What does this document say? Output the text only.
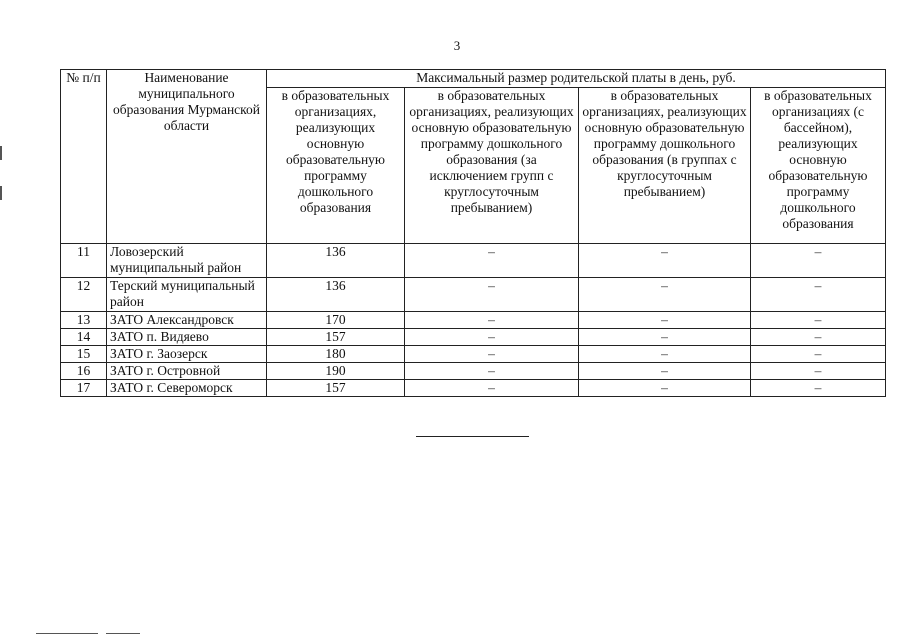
3
№ п/п	Наименование муниципального образования Мурманской области	Максимальный размер родительской платы в день, руб.			
		в образовательных организациях, реализующих основную образовательную программу дошкольного образования	в образовательных организациях, реализующих основную образовательную программу дошкольного образования (за исключением групп с круглосуточным пребыванием)	в образовательных организациях, реализующих основную образовательную программу дошкольного образования (в группах с круглосуточным пребыванием)	в образовательных организациях (с бассейном), реализующих основную образовательную программу дошкольного образования
11	Ловозерский муниципальный район	136	–	–	–
12	Терский муниципальный район	136	–	–	–
13	ЗАТО Александровск	170	–	–	–
14	ЗАТО п. Видяево	157	–	–	–
15	ЗАТО г. Заозерск	180	–	–	–
16	ЗАТО г. Островной	190	–	–	–
17	ЗАТО г. Североморск	157	–	–	–
